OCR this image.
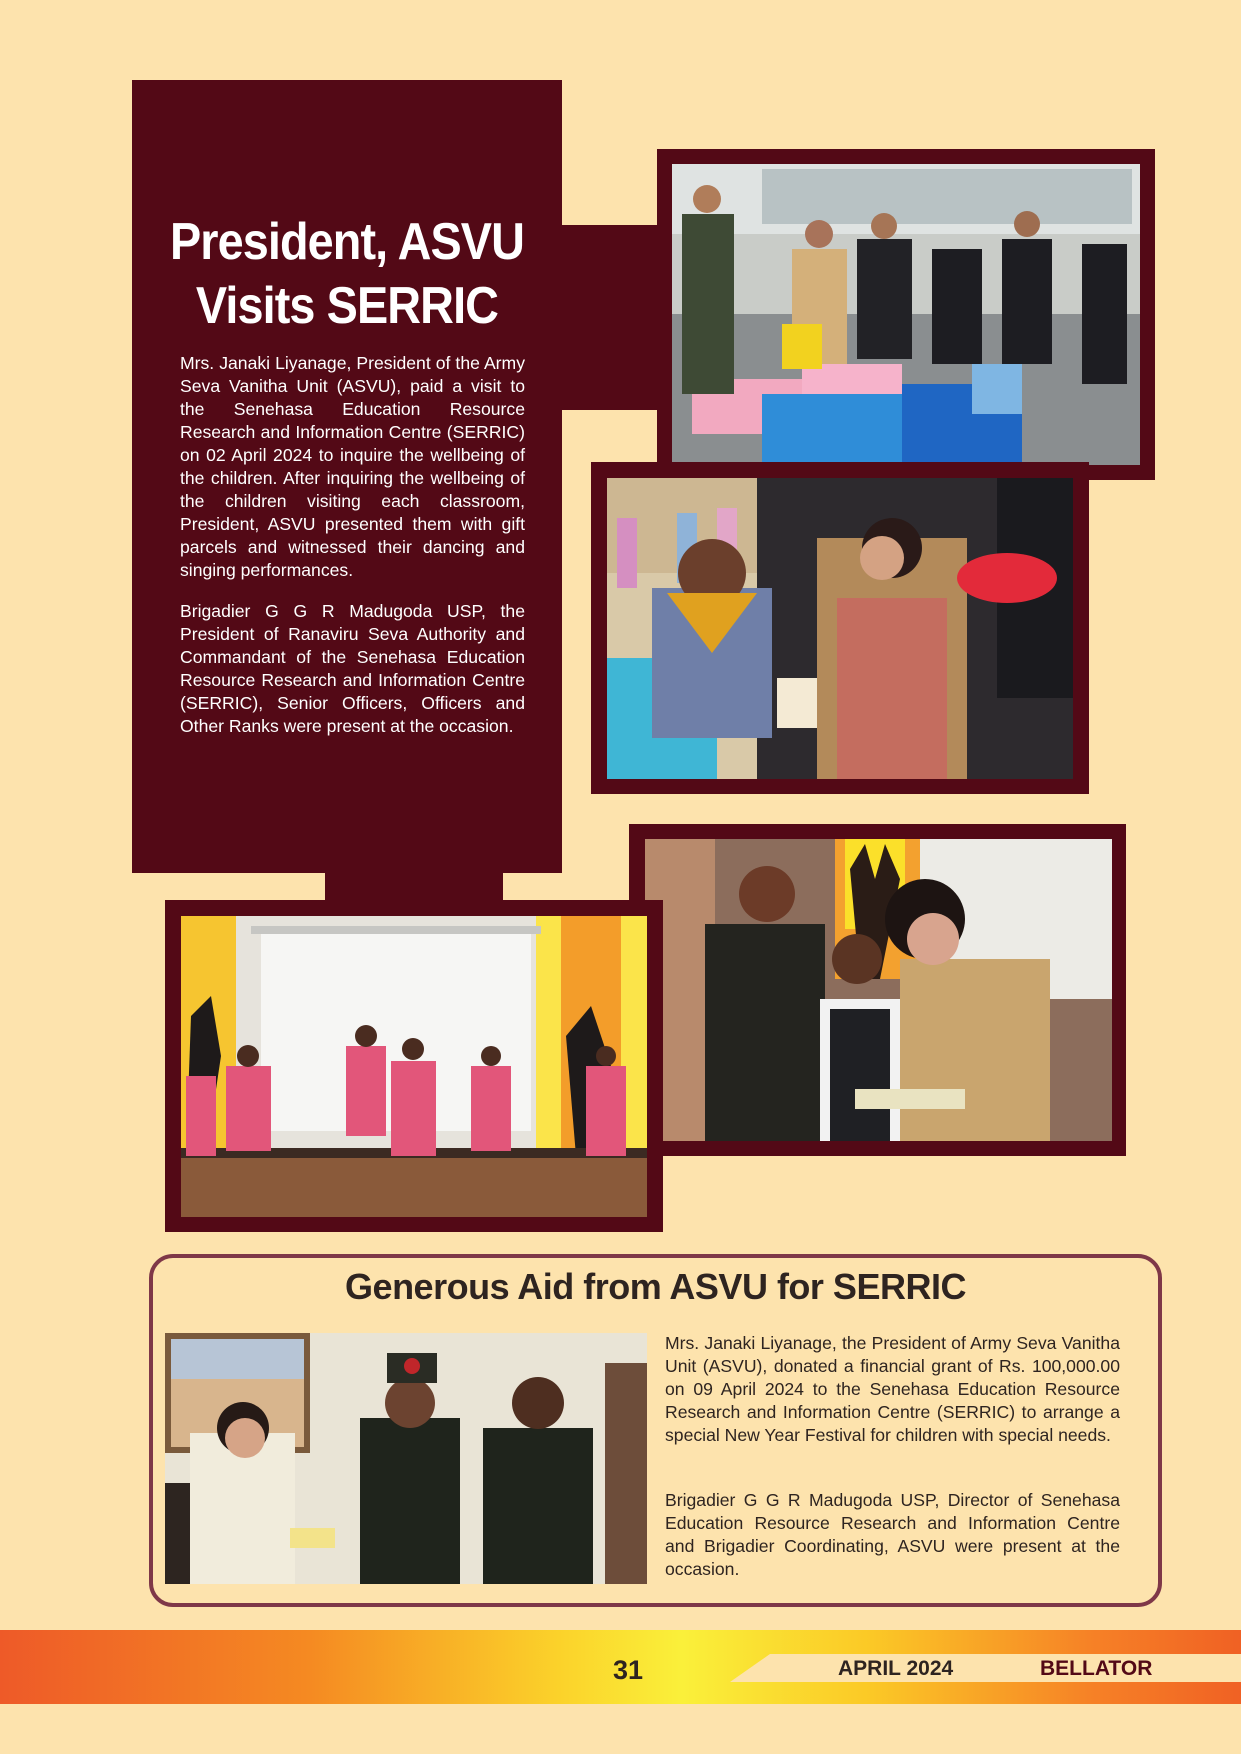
President, ASVU
Visits SERRIC
Mrs. Janaki Liyanage, President of the Army Seva Vanitha Unit (ASVU), paid a visit to the Senehasa Education Resource Research and Information Centre (SERRIC) on 02 April 2024 to inquire the wellbeing of the children. After inquiring the wellbeing of the children visiting each classroom, President, ASVU presented them with gift parcels and witnessed their dancing and singing performances.
Brigadier G G R Madugoda USP, the President of Ranaviru Seva Authority and Commandant of the Senehasa Education Resource Research and Information Centre (SERRIC), Senior Officers, Officers and Other Ranks were present at the occasion.
Generous Aid from ASVU for SERRIC
Mrs. Janaki Liyanage, the President of Army Seva Vanitha Unit (ASVU), donated a financial grant of Rs. 100,000.00 on 09 April 2024 to the Senehasa Education Resource Research and Information Centre (SERRIC) to arrange a special New Year Festival for children with special needs.
Brigadier G G R Madugoda USP, Director of Senehasa Education Resource Research and Information Centre and Brigadier Coordinating, ASVU were present at the occasion.
31	APRIL 2024	BELLATOR
